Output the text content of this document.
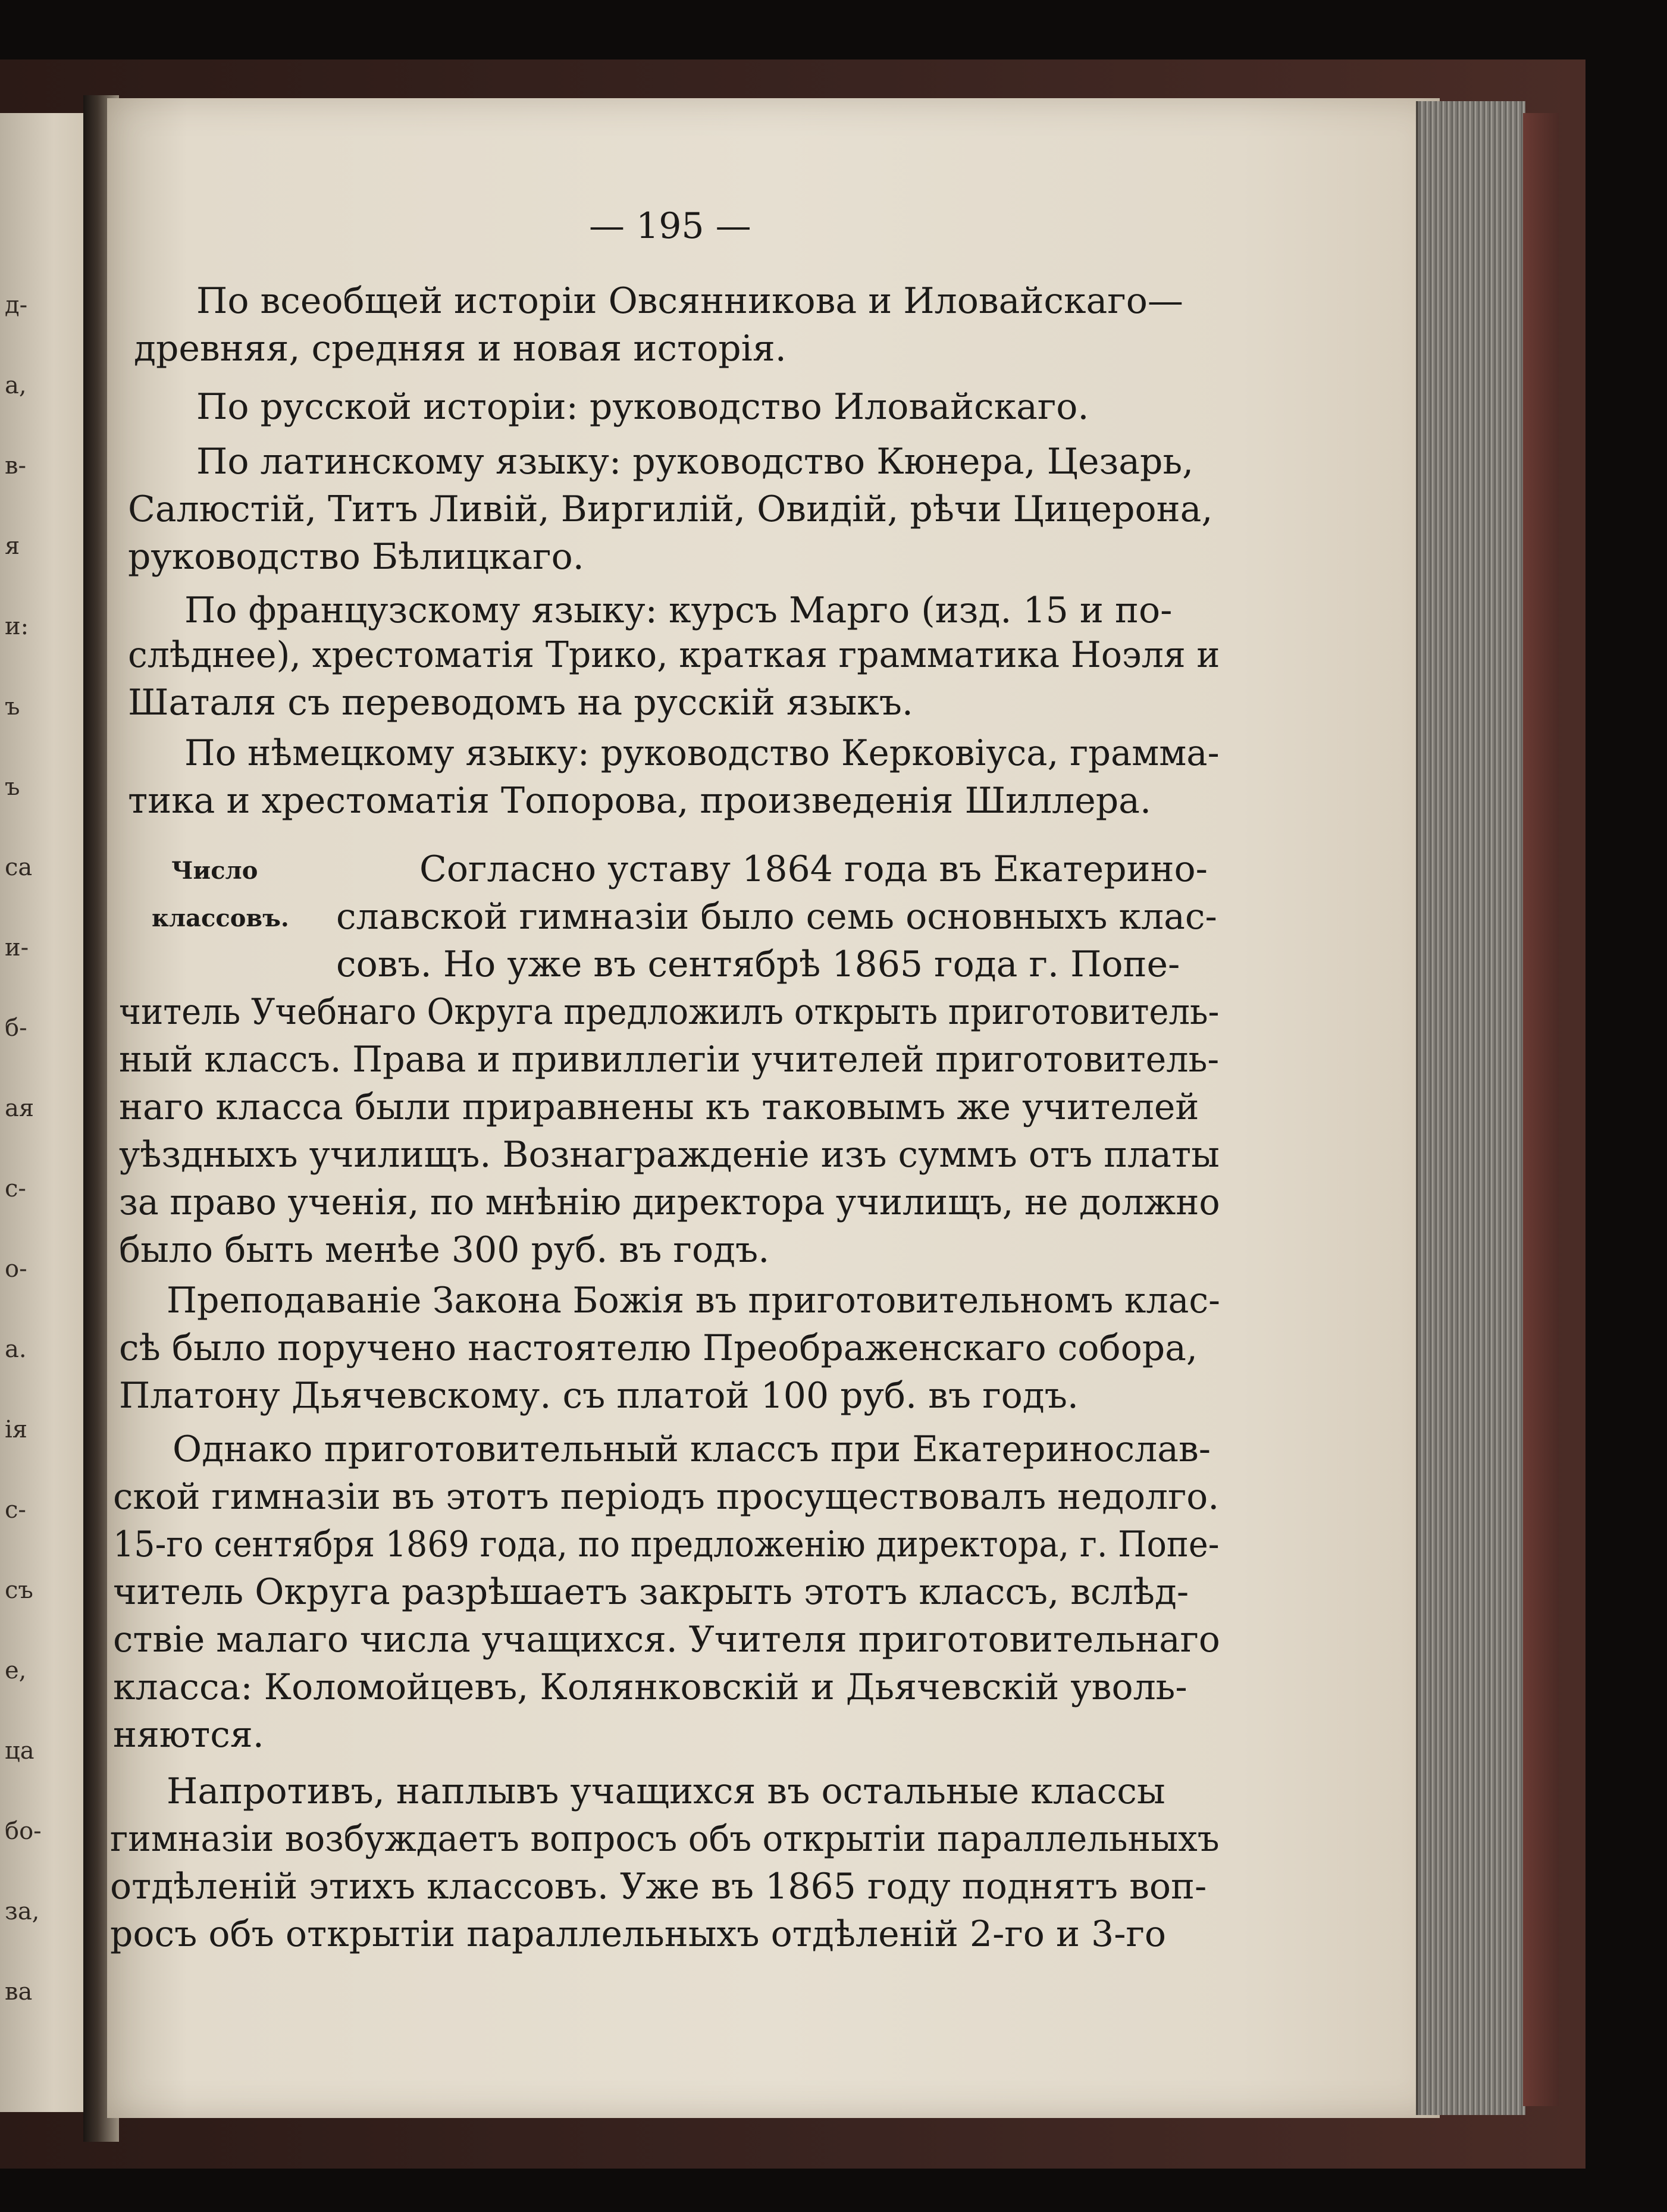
д-
а,
в-
я
и:
ъ
ъ
са
и-
б-
ая
с-
о-
а.
ія
с-
съ
е,
ца
бо-
за,
ва
— 195 —
Число
классовъ.
По всеобщей исторіи Овсянникова и Иловайскаго—
древняя, средняя и новая исторія.
По русской исторіи: руководство Иловайскаго.
По латинскому языку: руководство Кюнера, Цезарь,
Салюстій, Титъ Ливій, Виргилій, Овидій, рѣчи Цицерона,
руководство Бѣлицкаго.
По французскому языку: курсъ Марго (изд. 15 и по-
слѣднее), хрестоматія Трико, краткая грамматика Ноэля и
Шаталя съ переводомъ на русскій языкъ.
По нѣмецкому языку: руководство Керковіуса, граммa-
тика и хрестоматія Топорова, произведенія Шиллера.
Согласно уставу 1864 года въ Екатерино-
славской гимназіи было семь основныхъ клас-
совъ. Но уже въ сентябрѣ 1865 года г. Попе-
читель Учебнаго Округа предложилъ открыть приготовитель-
ный классъ. Права и привиллегіи учителей приготовитель-
наго класса были приравнены къ таковымъ же учителей
уѣздныхъ училищъ. Вознагражденіе изъ суммъ отъ платы
за право ученія, по мнѣнію директора училищъ, не должно
было быть менѣе 300 руб. въ годъ.
Преподаваніе Закона Божія въ приготовительномъ клас-
сѣ было поручено настоятелю Преображенскаго собора,
Платону Дьячевскому. съ платой 100 руб. въ годъ.
Однако приготовительный классъ при Екатеринослав-
ской гимназіи въ этотъ періодъ просуществовалъ недолго.
15-го сентября 1869 года, по предложенію директора, г. Попе-
читель Округа разрѣшаетъ закрыть этотъ классъ, вслѣд-
ствіе малаго числа учащихся. Учителя приготовительнаго
класса: Коломойцевъ, Колянковскій и Дьячевскій уволь-
няются.
Напротивъ, наплывъ учащихся въ остальные классы
гимназіи возбуждаетъ вопросъ объ открытіи параллельныхъ
отдѣленій этихъ классовъ. Уже въ 1865 году поднятъ воп-
росъ объ открытіи параллельныхъ отдѣленій 2-го и 3-го
